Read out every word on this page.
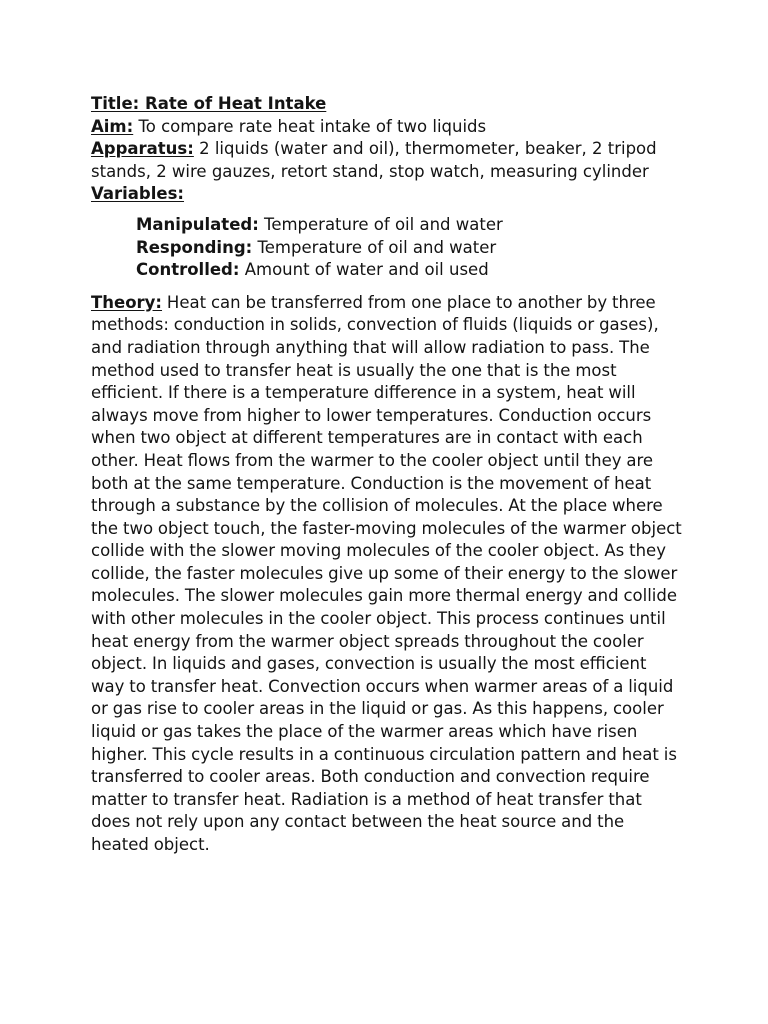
Title: Rate of Heat Intake

Aim: To compare rate heat intake of two liquids

Apparatus: 2 liquids (water and oil), thermometer, beaker, 2 tripod stands, 2 wire gauzes, retort stand, stop watch, measuring cylinder

Variables:

Manipulated: Temperature of oil and water

Responding: Temperature of oil and water

Controlled: Amount of water and oil used

Theory: Heat can be transferred from one place to another by three methods: conduction in solids, convection of fluids (liquids or gases), and radiation through anything that will allow radiation to pass. The method used to transfer heat is usually the one that is the most efficient. If there is a temperature difference in a system, heat will always move from higher to lower temperatures. Conduction occurs when two object at different temperatures are in contact with each other. Heat flows from the warmer to the cooler object until they are both at the same temperature. Conduction is the movement of heat through a substance by the collision of molecules. At the place where the two object touch, the faster-moving molecules of the warmer object collide with the slower moving molecules of the cooler object. As they collide, the faster molecules give up some of their energy to the slower molecules. The slower molecules gain more thermal energy and collide with other molecules in the cooler object. This process continues until heat energy from the warmer object spreads throughout the cooler object. In liquids and gases, convection is usually the most efficient way to transfer heat. Convection occurs when warmer areas of a liquid or gas rise to cooler areas in the liquid or gas. As this happens, cooler liquid or gas takes the place of the warmer areas which have risen higher. This cycle results in a continuous circulation pattern and heat is transferred to cooler areas. Both conduction and convection require matter to transfer heat. Radiation is a method of heat transfer that does not rely upon any contact between the heat source and the heated object.
